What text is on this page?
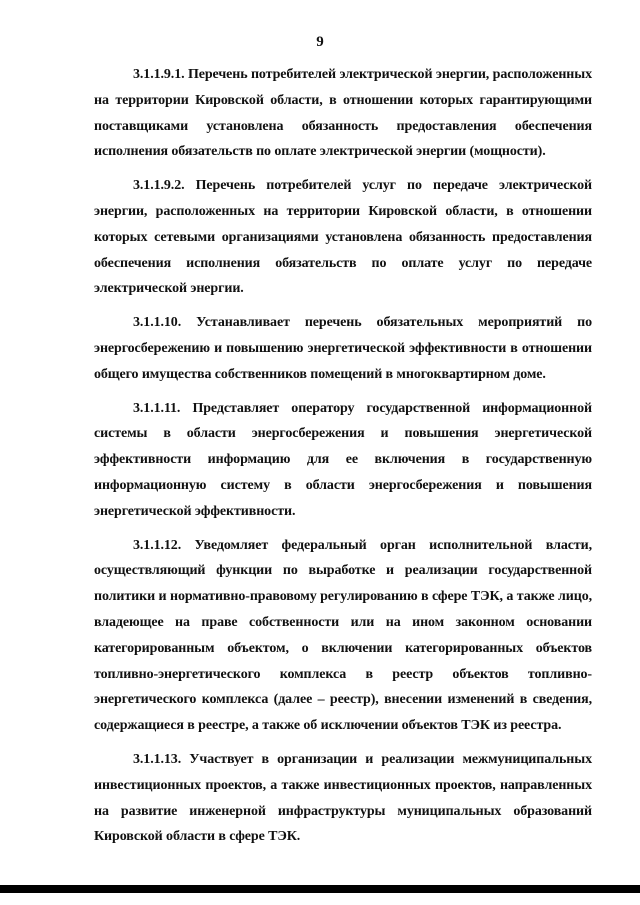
9

3.1.1.9.1. Перечень потребителей электрической энергии, расположенных на территории Кировской области, в отношении которых гарантирующими поставщиками установлена обязанность предоставления обеспечения исполнения обязательств по оплате электрической энергии (мощности).

3.1.1.9.2. Перечень потребителей услуг по передаче электрической энергии, расположенных на территории Кировской области, в отношении которых сетевыми организациями установлена обязанность предоставления обеспечения исполнения обязательств по оплате услуг по передаче электрической энергии.

3.1.1.10. Устанавливает перечень обязательных мероприятий по энергосбережению и повышению энергетической эффективности в отношении общего имущества собственников помещений в многоквартирном доме.

3.1.1.11. Представляет оператору государственной информационной системы в области энергосбережения и повышения энергетической эффективности информацию для ее включения в государственную информационную систему в области энергосбережения и повышения энергетической эффективности.

3.1.1.12. Уведомляет федеральный орган исполнительной власти, осуществляющий функции по выработке и реализации государственной политики и нормативно-правовому регулированию в сфере ТЭК, а также лицо, владеющее на праве собственности или на ином законном основании категорированным объектом, о включении категорированных объектов топливно-энергетического комплекса в реестр объектов топливно-энергетического комплекса (далее – реестр), внесении изменений в сведения, содержащиеся в реестре, а также об исключении объектов ТЭК из реестра.

3.1.1.13. Участвует в организации и реализации межмуниципальных инвестиционных проектов, а также инвестиционных проектов, направленных на развитие инженерной инфраструктуры муниципальных образований Кировской области в сфере ТЭК.
